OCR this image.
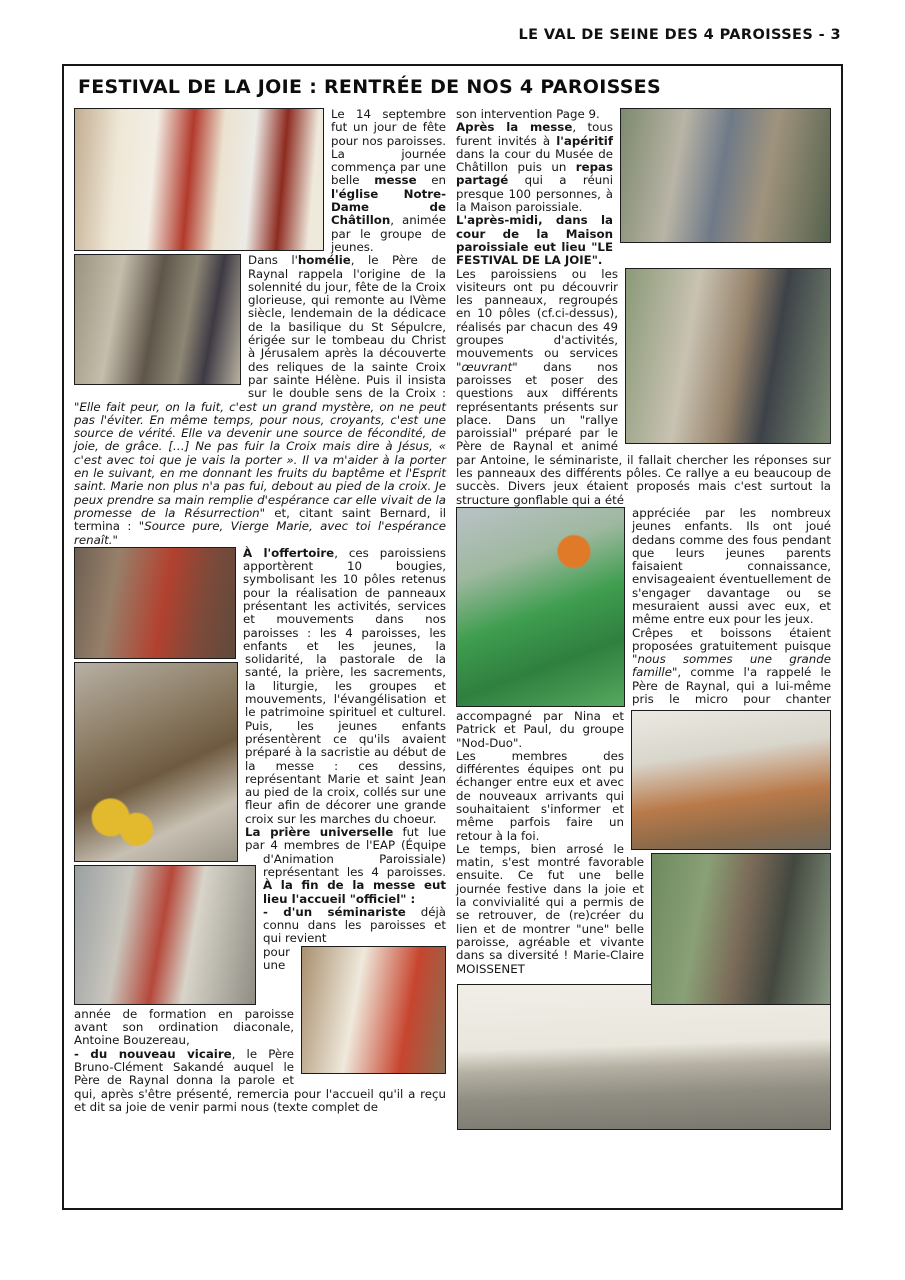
LE VAL DE SEINE DES 4 PAROISSES - 3
FESTIVAL DE LA JOIE : RENTRÉE DE NOS 4 PAROISSES

Le 14 septembre fut un jour de fête pour nos paroisses. La journée commença par une belle messe en l'église Notre-Dame de Châtillon, animée par le groupe de jeunes.

Dans l'homélie, le Père de Raynal rappela l'origine de la solennité du jour, fête de la Croix glorieuse, qui remonte au IVème siècle, lendemain de la dédicace de la basilique du St Sépulcre, érigée sur le tombeau du Christ à Jérusalem après la découverte des reliques de la sainte Croix par sainte Hélène. Puis il insista sur le double sens de la Croix : "Elle fait peur, on la fuit, c'est un grand mystère, on ne peut pas l'éviter. En même temps, pour nous, croyants, c'est une source de vérité. Elle va devenir une source de fécondité, de joie, de grâce. […] Ne pas fuir la Croix mais dire à Jésus, « c'est avec toi que je vais la porter ». Il va m'aider à la porter en le suivant, en me donnant les fruits du baptême et l'Esprit saint. Marie non plus n'a pas fui, debout au pied de la croix. Je peux prendre sa main remplie d'espérance car elle vivait de la promesse de la Résurrection" et, citant saint Bernard, il termina : "Source pure, Vierge Marie, avec toi l'espérance renaît."

À l'offertoire, ces paroissiens apportèrent 10 bougies, symbolisant les 10 pôles retenus pour la réalisation de panneaux présentant les activités, services et mouvements dans nos paroisses : les 4 paroisses, les enfants et les jeunes, la solidarité, la pastorale de la santé, la prière, les sacrements, la liturgie, les groupes et mouvements, l'évangélisation et le patrimoine spirituel et culturel. Puis, les jeunes enfants présentèrent ce qu'ils avaient préparé à la sacristie au début de la messe : ces dessins, représentant Marie et saint Jean au pied de la croix, collés sur une fleur afin de décorer une grande croix sur les marches du choeur.

La prière universelle fut lue par 4 membres de l'EAP (Équipe d'Animation Paroissiale) représentant les 4 paroisses. À la fin de la messe eut lieu l'accueil "officiel" :

- d'un séminariste déjà connu dans les paroisses et qui revient

pour une année de formation en paroisse avant son ordination diaconale, Antoine Bouzereau,

- du nouveau vicaire, le Père Bruno-Clément Sakandé auquel le Père de Raynal donna la parole et qui, après s'être présenté, remercia pour l'accueil qu'il a reçu et dit sa joie de venir parmi nous (texte complet de

son intervention Page 9.

Après la messe, tous furent invités à l'apéritif dans la cour du Musée de Châtillon puis un repas partagé qui a réuni presque 100 personnes, à la Maison paroissiale.

L'après-midi, dans la cour de la Maison paroissiale eut lieu "LE FESTIVAL DE LA JOIE".

Les paroissiens ou les visiteurs ont pu découvrir les panneaux, regroupés en 10 pôles (cf.ci-dessus), réalisés par chacun des 49 groupes d'activités, mouvements ou services "œuvrant" dans nos paroisses et poser des questions aux différents représentants présents sur place. Dans un "rallye paroissial" préparé par le Père de Raynal et animé par Antoine, le séminariste, il fallait chercher les réponses sur les panneaux des différents pôles. Ce rallye a eu beaucoup de succès. Divers jeux étaient proposés mais c'est surtout la structure gonflable qui a été

appréciée par les nombreux jeunes enfants. Ils ont joué dedans comme des fous pendant que leurs jeunes parents faisaient connaissance, envisageaient éventuellement de s'engager davantage ou se mesuraient aussi avec eux, et même entre eux pour les jeux.

Crêpes et boissons étaient proposées gratuitement puisque "nous sommes une grande famille", comme l'a rappelé le Père de Raynal, qui a lui-même pris le micro pour chanter accompagné par Nina et Patrick et Paul, du groupe "Nod-Duo".

Les membres des différentes équipes ont pu échanger entre eux et avec de nouveaux arrivants qui souhaitaient s'informer et même parfois faire un retour à la foi.

Le temps, bien arrosé le matin, s'est montré favorable ensuite. Ce fut une belle journée festive dans la joie et la convivialité qui a permis de se retrouver, de (re)créer du lien et de montrer "une" belle paroisse, agréable et vivante dans sa diversité ! Marie-Claire MOISSENET
